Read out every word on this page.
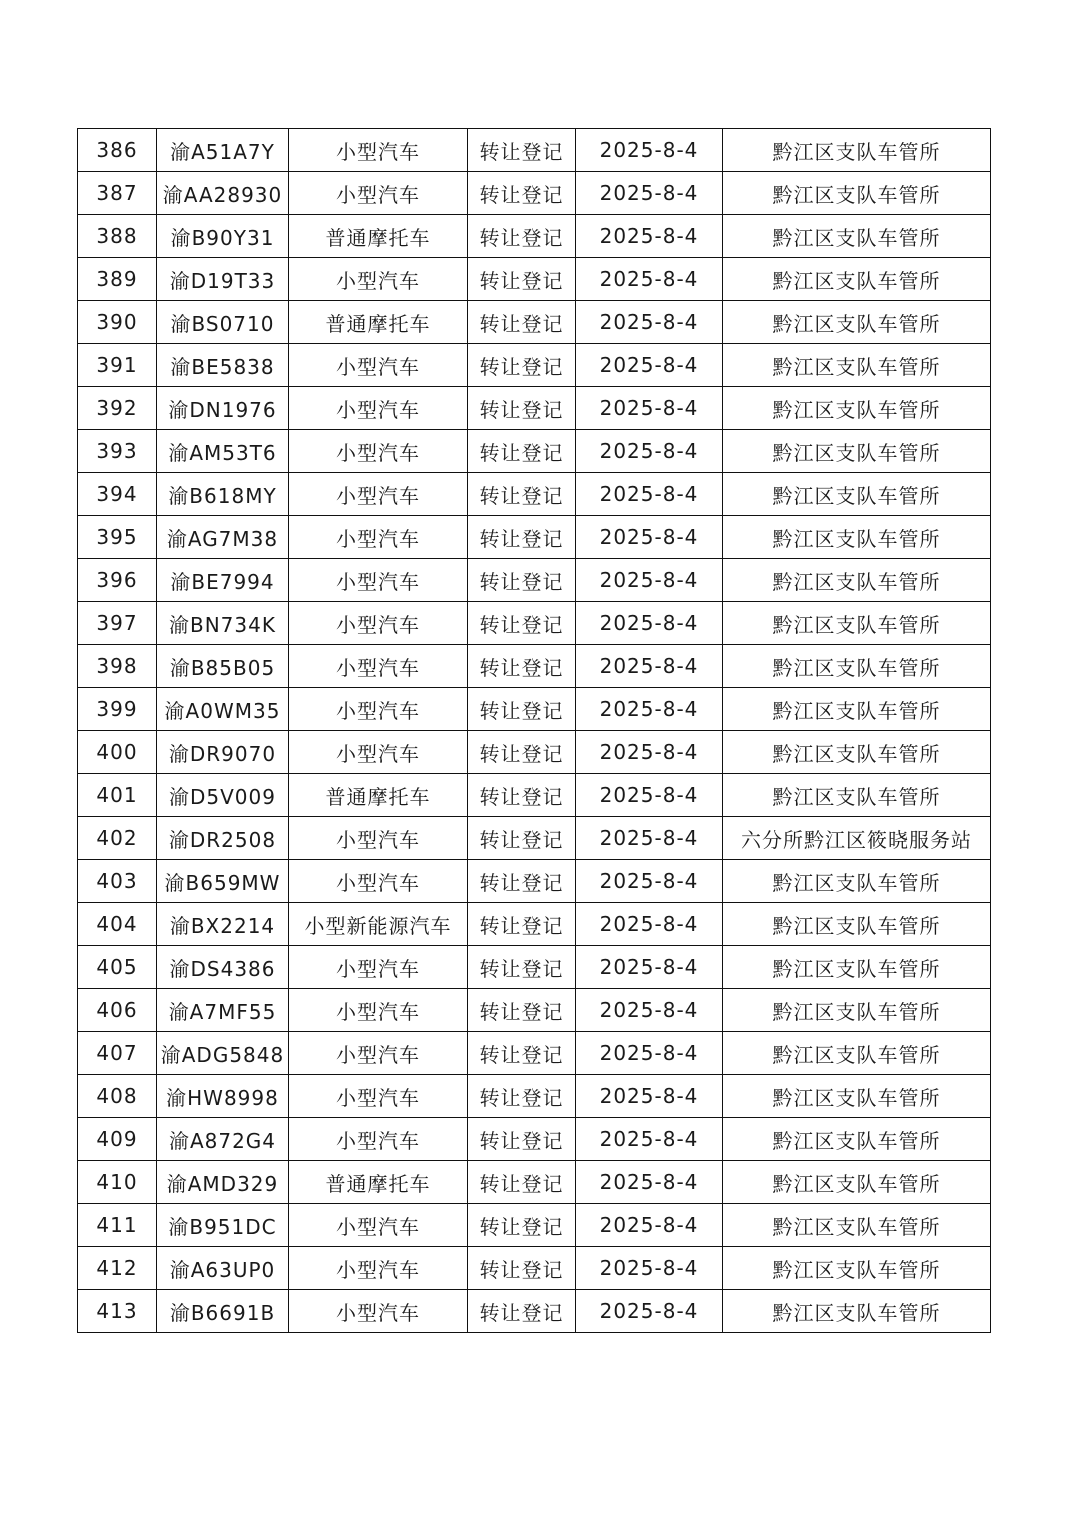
386	渝A51A7Y	小型汽车	转让登记	2025-8-4	黔江区支队车管所
387	渝AA28930	小型汽车	转让登记	2025-8-4	黔江区支队车管所
388	渝B90Y31	普通摩托车	转让登记	2025-8-4	黔江区支队车管所
389	渝D19T33	小型汽车	转让登记	2025-8-4	黔江区支队车管所
390	渝BS0710	普通摩托车	转让登记	2025-8-4	黔江区支队车管所
391	渝BE5838	小型汽车	转让登记	2025-8-4	黔江区支队车管所
392	渝DN1976	小型汽车	转让登记	2025-8-4	黔江区支队车管所
393	渝AM53T6	小型汽车	转让登记	2025-8-4	黔江区支队车管所
394	渝B618MY	小型汽车	转让登记	2025-8-4	黔江区支队车管所
395	渝AG7M38	小型汽车	转让登记	2025-8-4	黔江区支队车管所
396	渝BE7994	小型汽车	转让登记	2025-8-4	黔江区支队车管所
397	渝BN734K	小型汽车	转让登记	2025-8-4	黔江区支队车管所
398	渝B85B05	小型汽车	转让登记	2025-8-4	黔江区支队车管所
399	渝A0WM35	小型汽车	转让登记	2025-8-4	黔江区支队车管所
400	渝DR9070	小型汽车	转让登记	2025-8-4	黔江区支队车管所
401	渝D5V009	普通摩托车	转让登记	2025-8-4	黔江区支队车管所
402	渝DR2508	小型汽车	转让登记	2025-8-4	六分所黔江区筱晓服务站
403	渝B659MW	小型汽车	转让登记	2025-8-4	黔江区支队车管所
404	渝BX2214	小型新能源汽车	转让登记	2025-8-4	黔江区支队车管所
405	渝DS4386	小型汽车	转让登记	2025-8-4	黔江区支队车管所
406	渝A7MF55	小型汽车	转让登记	2025-8-4	黔江区支队车管所
407	渝ADG5848	小型汽车	转让登记	2025-8-4	黔江区支队车管所
408	渝HW8998	小型汽车	转让登记	2025-8-4	黔江区支队车管所
409	渝A872G4	小型汽车	转让登记	2025-8-4	黔江区支队车管所
410	渝AMD329	普通摩托车	转让登记	2025-8-4	黔江区支队车管所
411	渝B951DC	小型汽车	转让登记	2025-8-4	黔江区支队车管所
412	渝A63UP0	小型汽车	转让登记	2025-8-4	黔江区支队车管所
413	渝B6691B	小型汽车	转让登记	2025-8-4	黔江区支队车管所
